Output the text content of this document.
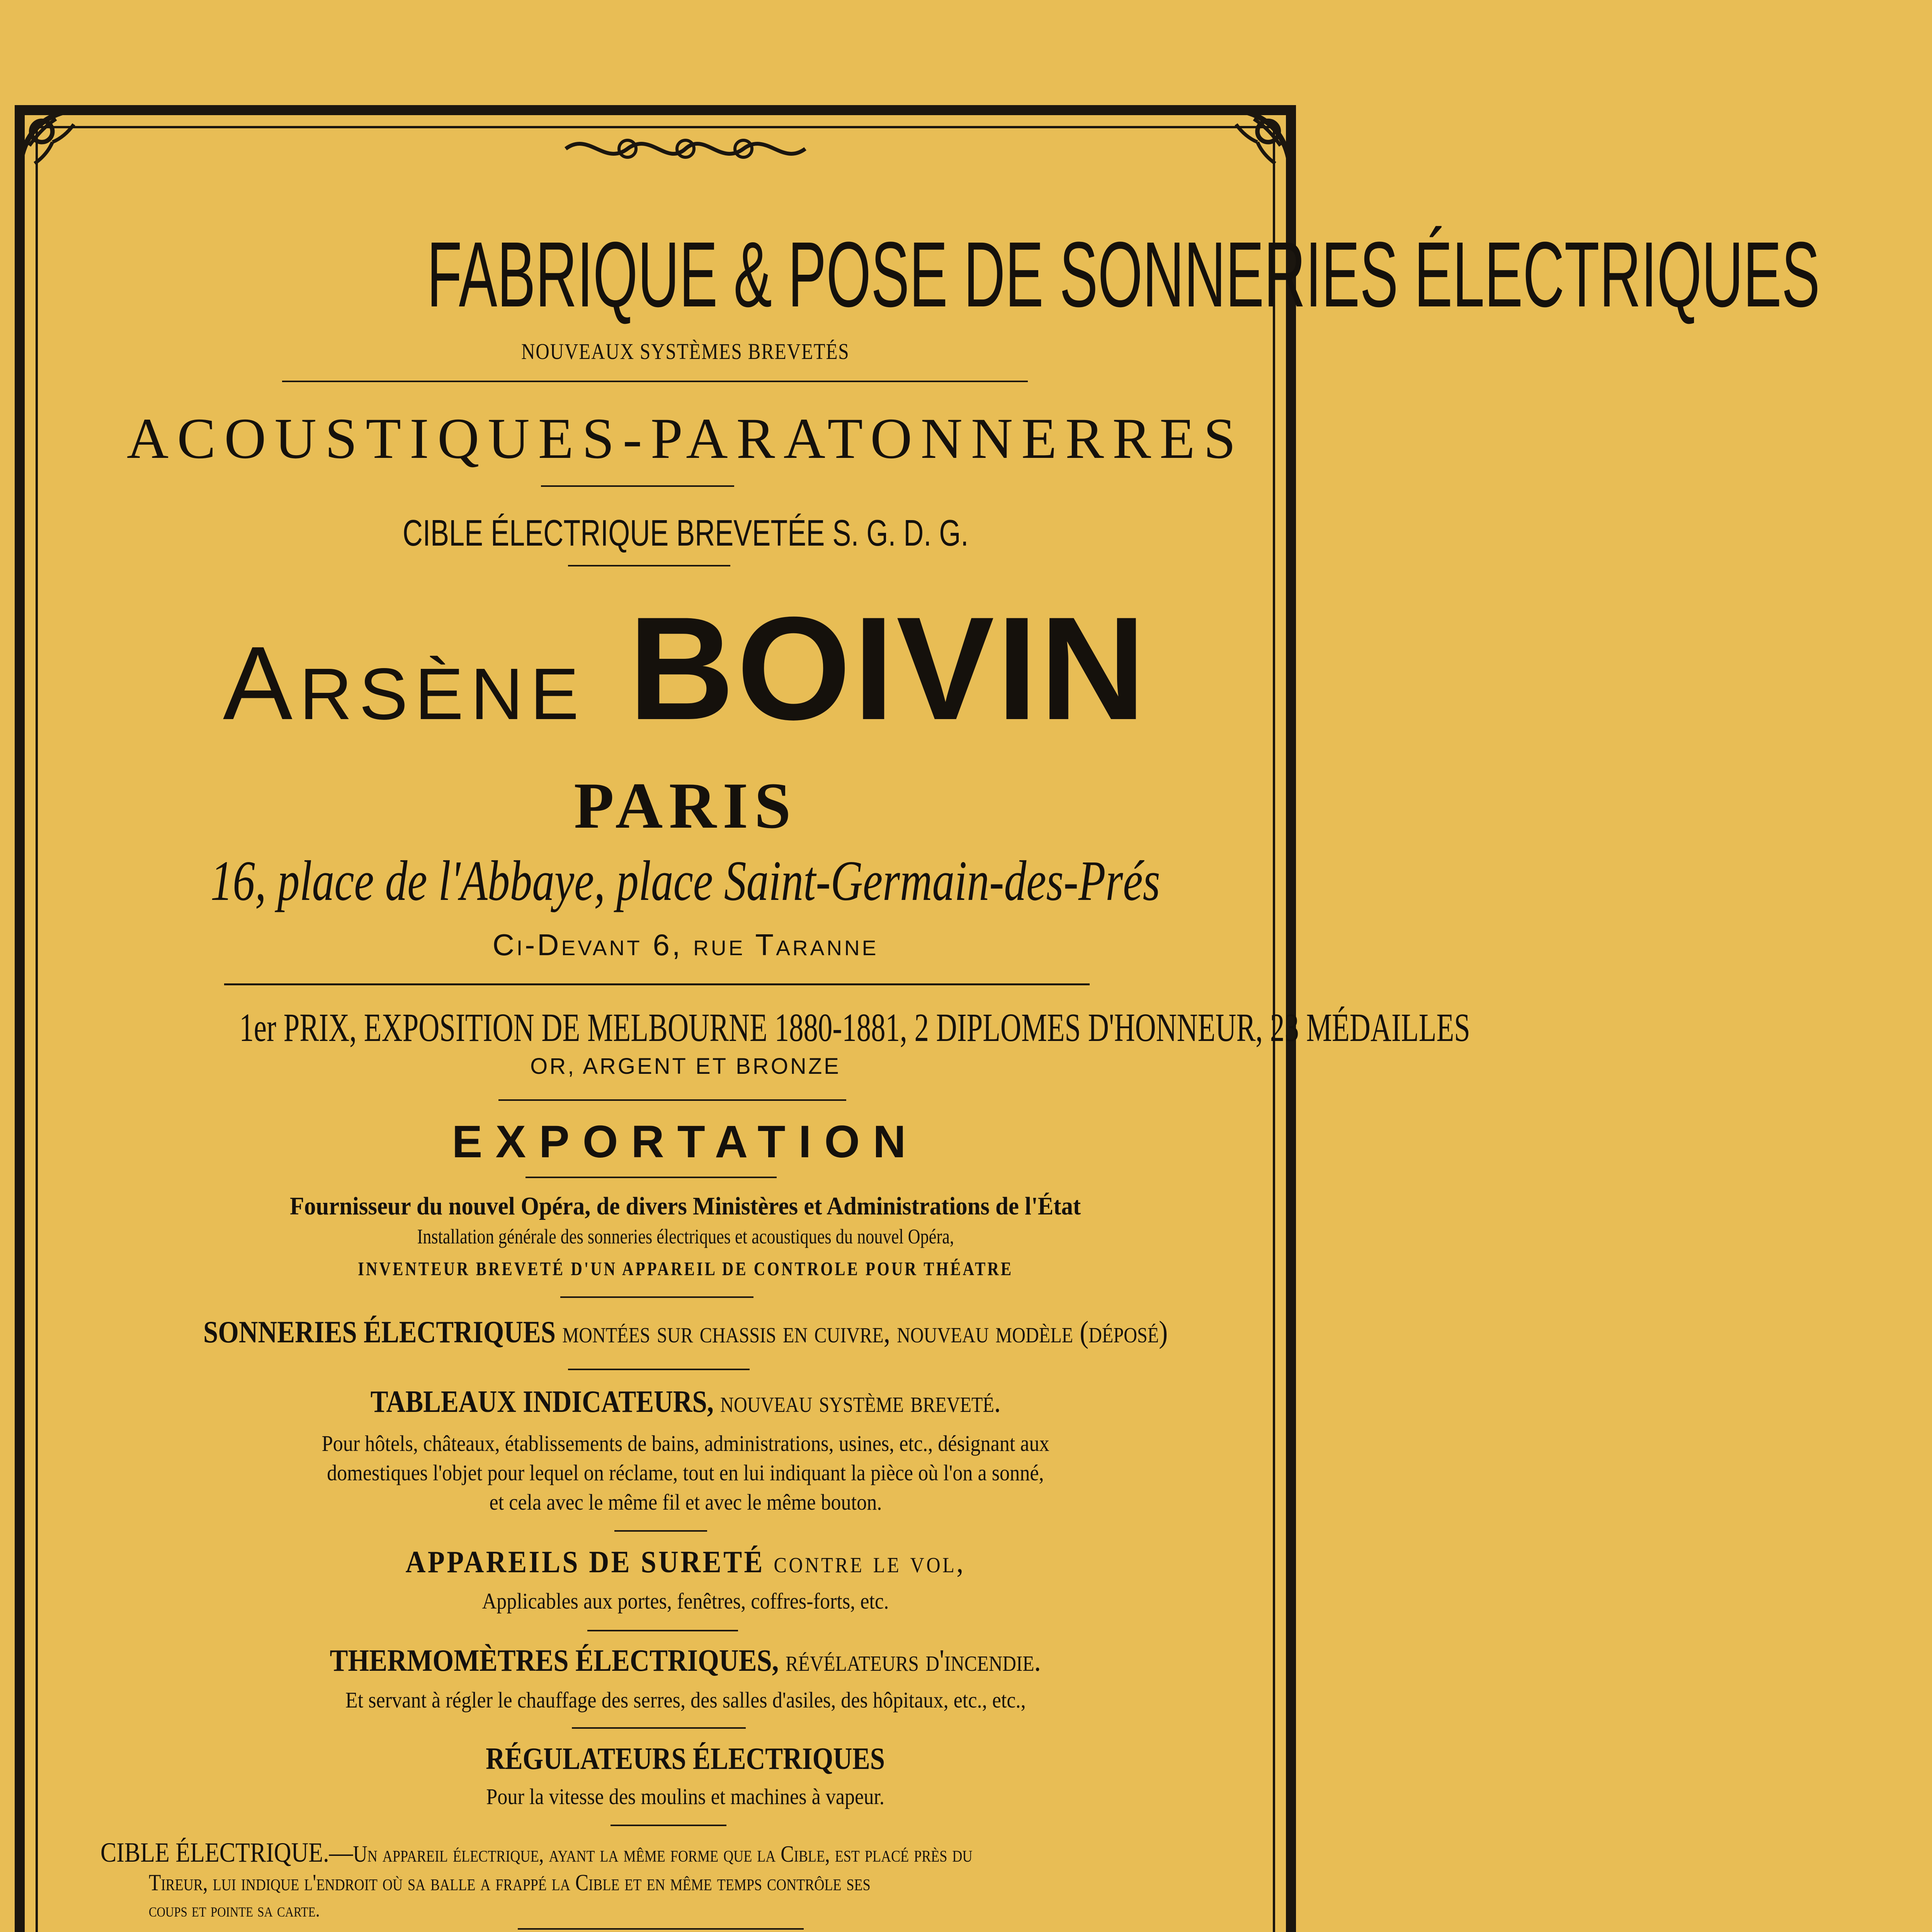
FABRIQUE & POSE DE SONNERIES ÉLECTRIQUES
NOUVEAUX SYSTÈMES BREVETÉS
ACOUSTIQUES-PARATONNERRES
CIBLE ÉLECTRIQUE BREVETÉE S. G. D. G.
Arsène BOIVIN
PARIS
16, place de l'Abbaye, place Saint-Germain-des-Prés
Ci-Devant 6, rue Taranne
1er PRIX, EXPOSITION DE MELBOURNE 1880-1881, 2 DIPLOMES D'HONNEUR, 23 MÉDAILLES
OR, ARGENT ET BRONZE
EXPORTATION
Fournisseur du nouvel Opéra, de divers Ministères et Administrations de l'État
Installation générale des sonneries électriques et acoustiques du nouvel Opéra,
INVENTEUR BREVETÉ D'UN APPAREIL DE CONTROLE POUR THÉATRE
SONNERIES ÉLECTRIQUES montées sur chassis en cuivre, nouveau modèle (déposé)
TABLEAUX INDICATEURS, nouveau système breveté.
Pour hôtels, châteaux, établissements de bains, administrations, usines, etc., désignant aux
domestiques l'objet pour lequel on réclame, tout en lui indiquant la pièce où l'on a sonné,
et cela avec le même fil et avec le même bouton.
APPAREILS DE SURETÉ contre le vol,
Applicables aux portes, fenêtres, coffres-forts, etc.
THERMOMÈTRES ÉLECTRIQUES, révélateurs d'incendie.
Et servant à régler le chauffage des serres, des salles d'asiles, des hôpitaux, etc., etc.,
RÉGULATEURS ÉLECTRIQUES
Pour la vitesse des moulins et machines à vapeur.
CIBLE ÉLECTRIQUE.—Un appareil électrique, ayant la même forme que la Cible, est placé près du
Tireur, lui indique l'endroit où sa balle a frappé la Cible et en même temps contrôle ses
coups et pointe sa carte.
